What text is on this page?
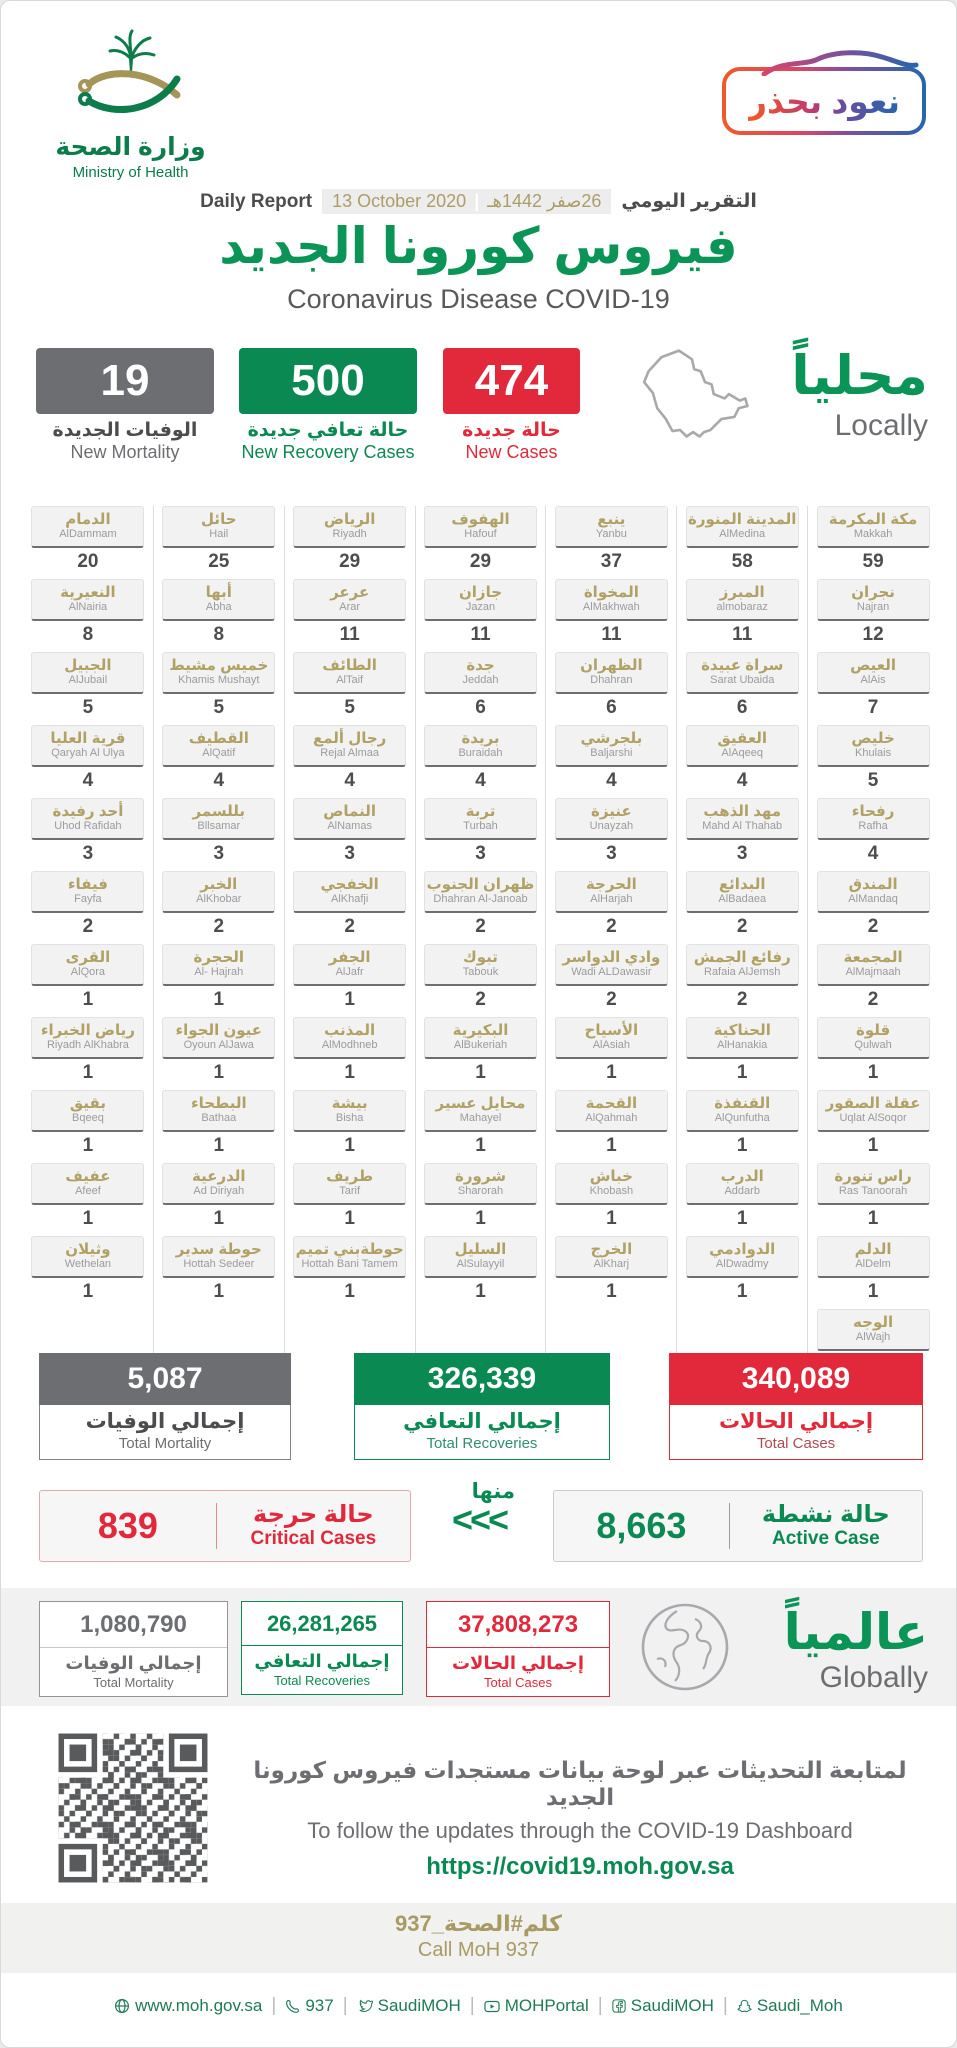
وزارة الصحة
Ministry of Health
نعود بحذر
Daily Report 13 October 2020 | 26صفر 1442هـ التقرير اليومي
فيروس كورونا الجديد
Coronavirus Disease COVID-19
19
الوفيات الجديدة
New Mortality
500
حالة تعافي جديدة
New Recovery Cases
474
حالة جديدة
New Cases
محلياً
Locally
الدمام
AlDammam
20
النعيرية
AlNairia
8
الجبيل
AlJubail
5
قرية العليا
Qaryah Al Ulya
4
أحد رفيدة
Uhod Rafidah
3
فيفاء
Fayfa
2
القرى
AlQora
1
رياض الخبراء
Riyadh AlKhabra
1
بقيق
Bqeeq
1
عفيف
Afeef
1
وثيلان
Wethelan
1
حائل
Hail
25
أبها
Abha
8
خميس مشيط
Khamis Mushayt
5
القطيف
AlQatif
4
بللسمر
Bllsamar
3
الخبر
AlKhobar
2
الحجرة
Al- Hajrah
1
عيون الجواء
Oyoun AlJawa
1
البطحاء
Bathaa
1
الدرعية
Ad Diriyah
1
حوطة سدير
Hottah Sedeer
1
الرياض
Riyadh
29
عرعر
Arar
11
الطائف
AlTaif
5
رجال ألمع
Rejal Almaa
4
النماص
AlNamas
3
الخفجي
AlKhafji
2
الجفر
AlJafr
1
المذنب
AlModhneb
1
بيشة
Bisha
1
طريف
Tarif
1
حوطةبني تميم
Hottah Bani Tamem
1
الهفوف
Hafouf
29
جازان
Jazan
11
جدة
Jeddah
6
بريدة
Buraidah
4
تربة
Turbah
3
ظهران الجنوب
Dhahran Al-Janoab
2
تبوك
Tabouk
2
البكيرية
AlBukeriah
1
محايل عسير
Mahayel
1
شرورة
Sharorah
1
السليل
AlSulayyil
1
ينبع
Yanbu
37
المخواة
AlMakhwah
11
الظهران
Dhahran
6
بلجرشي
Baljarshi
4
عنيزة
Unayzah
3
الحرجة
AlHarjah
2
وادي الدواسر
Wadi ALDawasir
2
الأسياح
AlAsiah
1
القحمة
AlQahmah
1
خباش
Khobash
1
الخرج
AlKharj
1
المدينة المنورة
AlMedina
58
المبرز
almobaraz
11
سراة عبيدة
Sarat Ubaida
6
العقيق
AlAqeeq
4
مهد الذهب
Mahd Al Thahab
3
البدائع
AlBadaea
2
رفائع الجمش
Rafaia AlJemsh
2
الحناكية
AlHanakia
1
القنفذة
AlQunfutha
1
الدرب
Addarb
1
الدوادمي
AlDwadmy
1
مكة المكرمة
Makkah
59
نجران
Najran
12
العيص
AlAis
7
خليص
Khulais
5
رفحاء
Rafha
4
المندق
AlMandaq
2
المجمعة
AlMajmaah
2
قلوة
Qulwah
1
عقلة الصقور
Uqlat AlSoqor
1
راس تنورة
Ras Tanoorah
1
الدلم
AlDelm
1
الوجه
AlWajh
5,087
إجمالي الوفيات
Total Mortality
326,339
إجمالي التعافي
Total Recoveries
340,089
إجمالي الحالات
Total Cases
839	حالة حرجة
Critical Cases
منها
<<<	8,663	حالة نشطة
Active Case
1,080,790
إجمالي الوفيات
Total Mortality
26,281,265
إجمالي التعافي
Total Recoveries
37,808,273
إجمالي الحالات
Total Cases
عالمياً
Globally
لمتابعة التحديثات عبر لوحة بيانات مستجدات فيروس كورونا الجديد
To follow the updates through the COVID-19 Dashboard
https://covid19.moh.gov.sa
كلم#الصحة_937
Call MoH 937
www.moh.gov.sa | 937 | SaudiMOH | MOHPortal | SaudiMOH | Saudi_Moh
